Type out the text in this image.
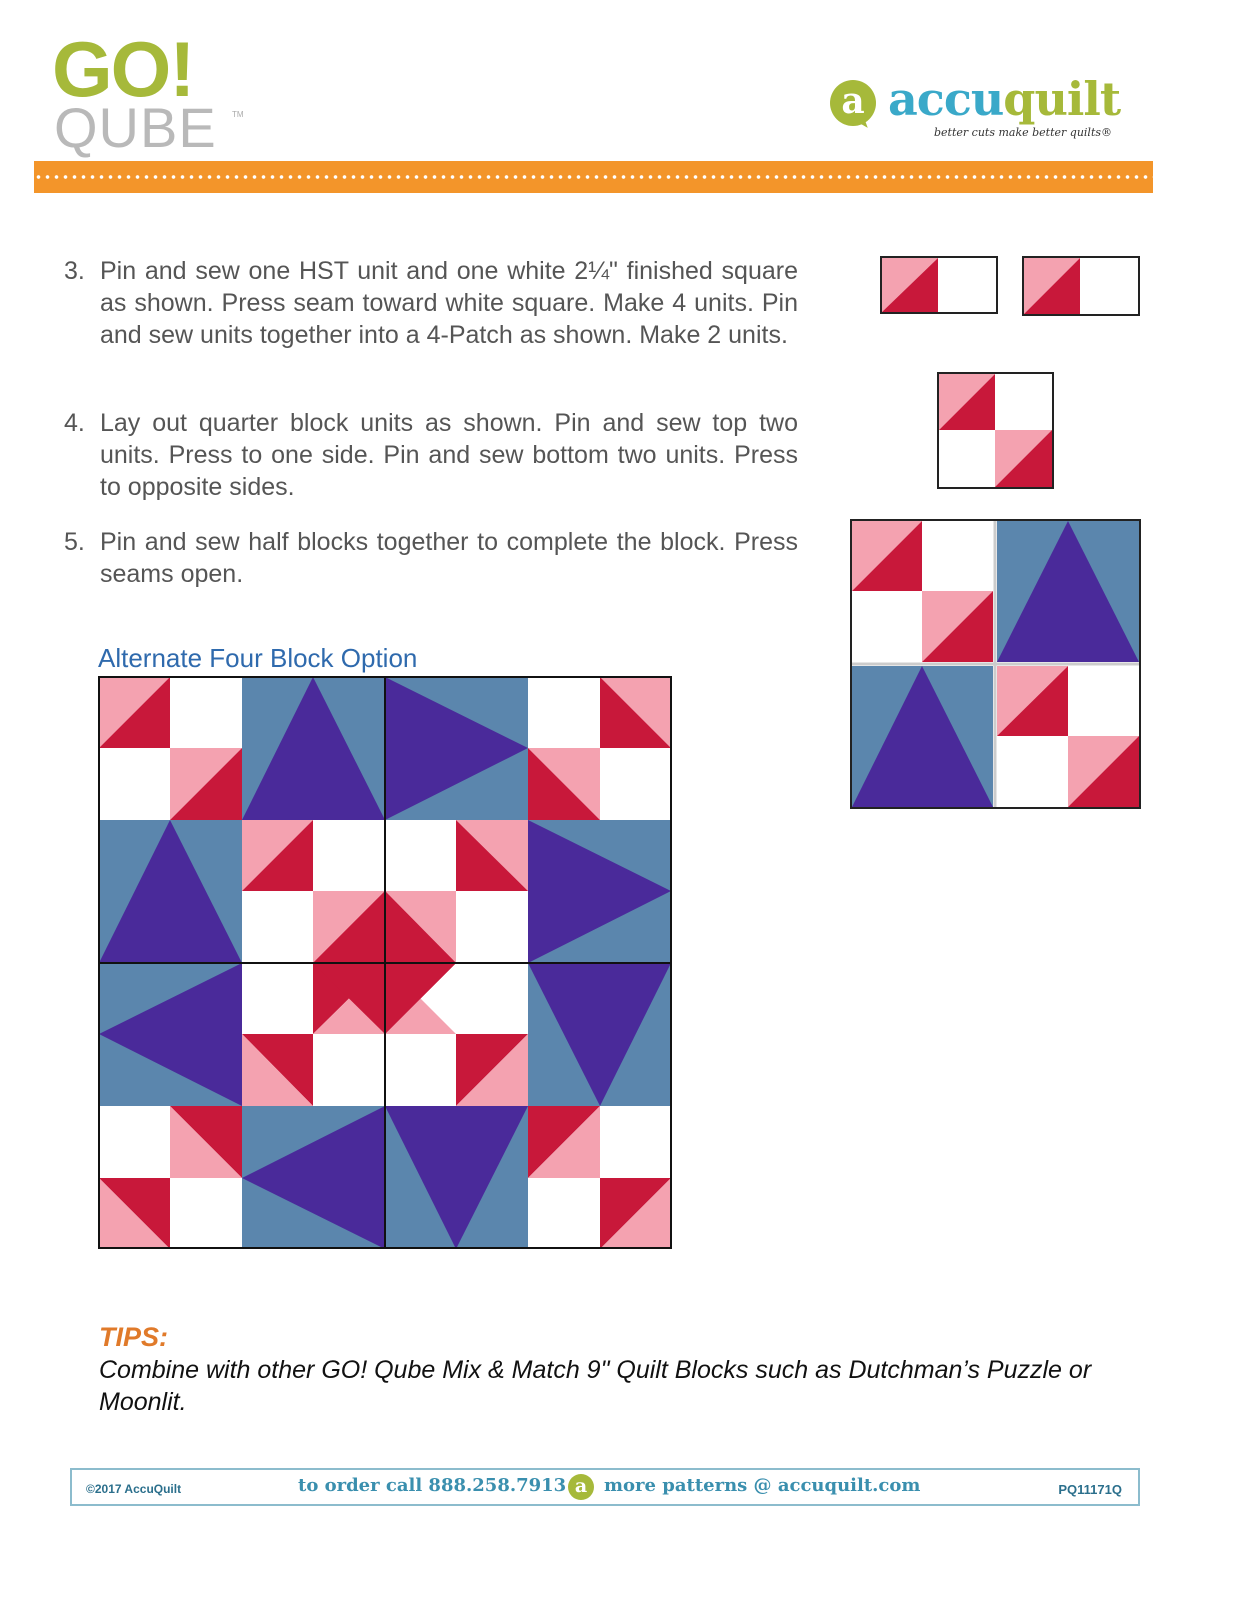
GO!
QUBE TM	a accuquilt
better cuts make better quilts®
3. Pin and sew one HST unit and one white 2¼" finished square as shown. Press seam toward white square. Make 4 units. Pin and sew units together into a 4-Patch as shown. Make 2 units.
4. Lay out quarter block units as shown. Pin and sew top two units. Press to one side. Pin and sew bottom two units. Press to opposite sides.
5. Pin and sew half blocks together to complete the block. Press seams open.
Alternate Four Block Option
TIPS:
Combine with other GO! Qube Mix & Match 9" Quilt Blocks such as Dutchman’s Puzzle or Moonlit.
©2017 AccuQuilt	to order call 888.258.7913 a more patterns @ accuquilt.com	PQ11171Q
